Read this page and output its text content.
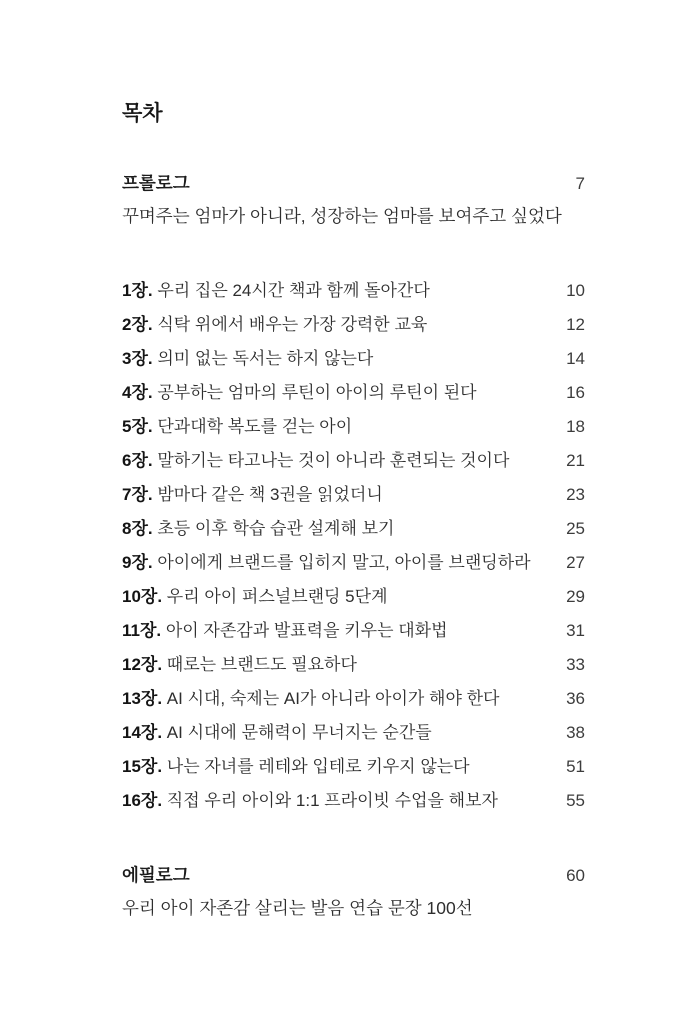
목차
프롤로그	7
꾸며주는 엄마가 아니라, 성장하는 엄마를 보여주고 싶었다
1장. 우리 집은 24시간 책과 함께 돌아간다	10
2장. 식탁 위에서 배우는 가장 강력한 교육	12
3장. 의미 없는 독서는 하지 않는다	14
4장. 공부하는 엄마의 루틴이 아이의 루틴이 된다	16
5장. 단과대학 복도를 걷는 아이	18
6장. 말하기는 타고나는 것이 아니라 훈련되는 것이다	21
7장. 밤마다 같은 책 3권을 읽었더니	23
8장. 초등 이후 학습 습관 설계해 보기	25
9장. 아이에게 브랜드를 입히지 말고, 아이를 브랜딩하라	27
10장. 우리 아이 퍼스널브랜딩 5단계	29
11장. 아이 자존감과 발표력을 키우는 대화법	31
12장. 때로는 브랜드도 필요하다	33
13장. AI 시대, 숙제는 AI가 아니라 아이가 해야 한다	36
14장. AI 시대에 문해력이 무너지는 순간들	38
15장. 나는 자녀를 레테와 입테로 키우지 않는다	51
16장. 직접 우리 아이와 1:1 프라이빗 수업을 해보자	55
에필로그	60
우리 아이 자존감 살리는 발음 연습 문장 100선
